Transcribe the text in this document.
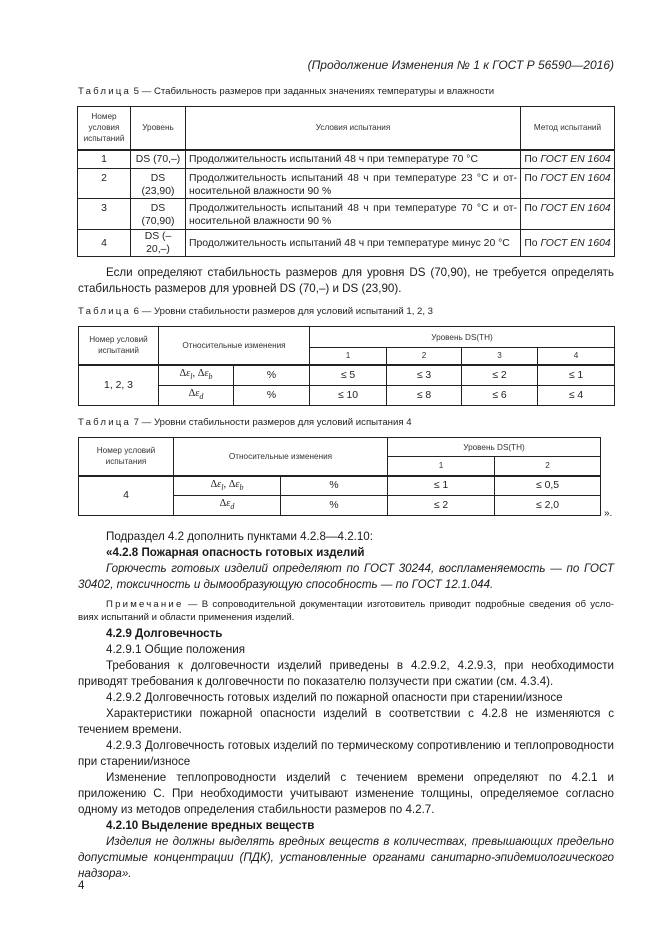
(Продолжение Изменения № 1 к ГОСТ Р 56590—2016)
Таблица 5 — Стабильность размеров при заданных значениях температуры и влажности
Номер условия испытаний	Уровень	Условия испытания	Метод испытаний
1	DS (70,–)	Продолжительность испытаний 48 ч при температуре 70 °С	По ГОСТ EN 1604
2	DS (23,90)	Продолжительность испытаний 48 ч при температуре 23 °С и относительной влажности 90 %	По ГОСТ EN 1604
3	DS (70,90)	Продолжительность испытаний 48 ч при температуре 70 °С и относительной влажности 90 %	По ГОСТ EN 1604
4	DS (–20,–)	Продолжительность испытаний 48 ч при температуре минус 20 °С	По ГОСТ EN 1604
Если определяют стабильность размеров для уровня DS (70,90), не требуется определять стабильность размеров для уровней DS (70,–) и DS (23,90).
Таблица 6 — Уровни стабильности размеров для условий испытаний 1, 2, 3
Номер условий испытаний	Относительные изменения		Уровень DS(TH)			
			1	2	3	4
1, 2, 3	$\Delta\varepsilon_l$, $\Delta\varepsilon_b$	%	≤ 5	≤ 3	≤ 2	≤ 1
	$\Delta\varepsilon_d$	%	≤ 10	≤ 8	≤ 6	≤ 4
Таблица 7 — Уровни стабильности размеров для условий испытания 4
Номер условий испытания	Относительные изменения		Уровень DS(TH)	
			1	2
4	$\Delta\varepsilon_l$, $\Delta\varepsilon_b$	%	≤ 1	≤ 0,5
	$\Delta\varepsilon_d$	%	≤ 2	≤ 2,0
».
Подраздел 4.2 дополнить пунктами 4.2.8—4.2.10:
«4.2.8 Пожарная опасность готовых изделий
Горючесть готовых изделий определяют по ГОСТ 30244, воспламеняемость — по ГОСТ 30402, токсичность и дымообразующую способность — по ГОСТ 12.1.044.
Примечание — В сопроводительной документации изготовитель приводит подробные сведения об условиях испытаний и области применения изделий.
4.2.9 Долговечность
4.2.9.1 Общие положения
Требования к долговечности изделий приведены в 4.2.9.2, 4.2.9.3, при необходимости приводят требования к долговечности по показателю ползучести при сжатии (см. 4.3.4).
4.2.9.2 Долговечность готовых изделий по пожарной опасности при старении/износе
Характеристики пожарной опасности изделий в соответствии с 4.2.8 не изменяются с течением времени.
4.2.9.3 Долговечность готовых изделий по термическому сопротивлению и теплопроводности при старении/износе
Изменение теплопроводности изделий с течением времени определяют по 4.2.1 и приложению С. При необходимости учитывают изменение толщины, определяемое согласно одному из методов определения стабильности размеров по 4.2.7.
4.2.10 Выделение вредных веществ
Изделия не должны выделять вредных веществ в количествах, превышающих предельно допустимые концентрации (ПДК), установленные органами санитарно-эпидемиологического надзора».
4
